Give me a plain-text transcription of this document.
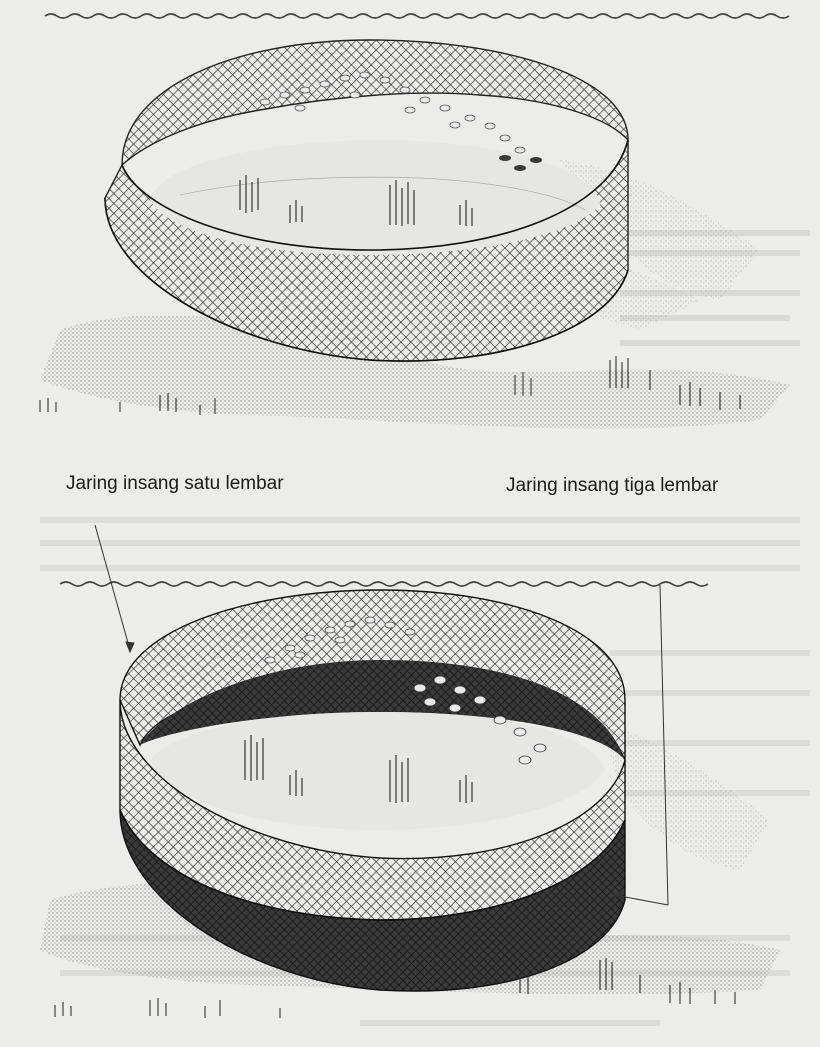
Jaring insang satu lembar	Jaring insang tiga lembar
